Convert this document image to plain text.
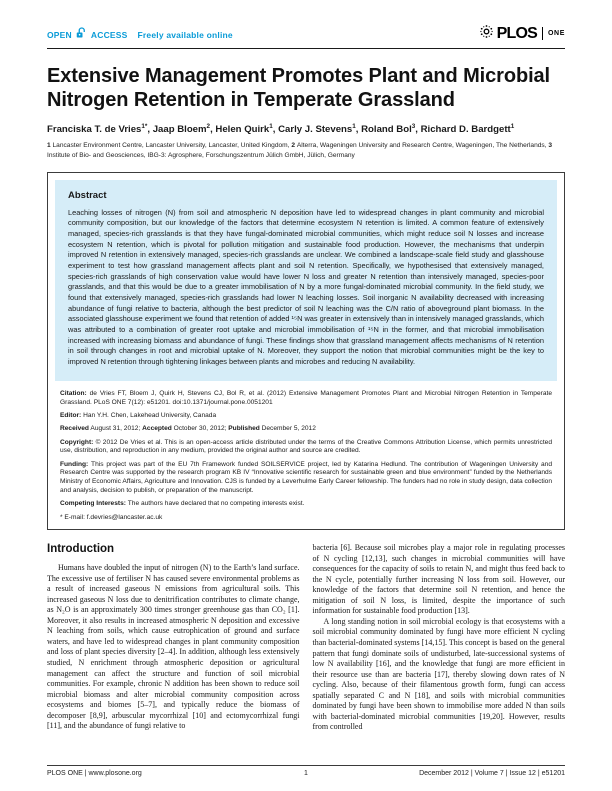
OPEN ACCESS Freely available online	PLOS ONE
Extensive Management Promotes Plant and Microbial Nitrogen Retention in Temperate Grassland
Franciska T. de Vries$^{1*}$, Jaap Bloem$^2$, Helen Quirk$^1$, Carly J. Stevens$^1$, Roland Bol$^3$, Richard D. Bardgett$^1$
1 Lancaster Environment Centre, Lancaster University, Lancaster, United Kingdom, 2 Alterra, Wageningen University and Research Centre, Wageningen, The Netherlands, 3 Institute of Bio- and Geosciences, IBG-3: Agrosphere, Forschungszentrum Jülich GmbH, Jülich, Germany
Abstract

Leaching losses of nitrogen (N) from soil and atmospheric N deposition have led to widespread changes in plant community and microbial community composition, but our knowledge of the factors that determine ecosystem N retention is limited. A common feature of extensively managed, species-rich grasslands is that they have fungal-dominated microbial communities, which might reduce soil N losses and increase ecosystem N retention, which is pivotal for pollution mitigation and sustainable food production. However, the mechanisms that underpin improved N retention in extensively managed, species-rich grasslands are unclear. We combined a landscape-scale field study and glasshouse experiment to test how grassland management affects plant and soil N retention. Specifically, we hypothesised that extensively managed, species-rich grasslands of high conservation value would have lower N loss and greater N retention than intensively managed, species-poor grasslands, and that this would be due to a greater immobilisation of N by a more fungal-dominated microbial community. In the field study, we found that extensively managed, species-rich grasslands had lower N leaching losses. Soil inorganic N availability decreased with increasing abundance of fungi relative to bacteria, although the best predictor of soil N leaching was the C/N ratio of aboveground plant biomass. In the associated glasshouse experiment we found that retention of added ¹⁵N was greater in extensively than in intensively managed grasslands, which was attributed to a combination of greater root uptake and microbial immobilisation of ¹⁵N in the former, and that microbial immobilisation increased with increasing biomass and abundance of fungi. These findings show that grassland management affects mechanisms of N retention in soil through changes in root and microbial uptake of N. Moreover, they support the notion that microbial communities might be the key to improved N retention through tightening linkages between plants and microbes and reducing N availability.

Citation: de Vries FT, Bloem J, Quirk H, Stevens CJ, Bol R, et al. (2012) Extensive Management Promotes Plant and Microbial Nitrogen Retention in Temperate Grassland. PLoS ONE 7(12): e51201. doi:10.1371/journal.pone.0051201

Editor: Han Y.H. Chen, Lakehead University, Canada

Received August 31, 2012; Accepted October 30, 2012; Published December 5, 2012

Copyright: © 2012 De Vries et al. This is an open-access article distributed under the terms of the Creative Commons Attribution License, which permits unrestricted use, distribution, and reproduction in any medium, provided the original author and source are credited.

Funding: This project was part of the EU 7th Framework funded SOILSERVICE project, led by Katarina Hedlund. The contribution of Wageningen University and Research Centre was supported by the research program KB IV “Innovative scientific research for sustainable green and blue environment” funded by the Netherlands Ministry of Economic Affairs, Agriculture and Innovation. CJS is funded by a Leverhulme Early Career fellowship. The funders had no role in study design, data collection and analysis, decision to publish, or preparation of the manuscript.

Competing Interests: The authors have declared that no competing interests exist.

* E-mail: f.devries@lancaster.ac.uk

Introduction

Humans have doubled the input of nitrogen (N) to the Earth’s land surface. The excessive use of fertiliser N has caused severe environmental problems as a result of increased gaseous N emissions from agricultural soils. This increased gaseous N loss due to denitrification contributes to climate change, as N₂O is an approximately 300 times stronger greenhouse gas than CO₂ [1]. Moreover, it also results in increased atmospheric N deposition and excessive N leaching from soils, which cause eutrophication of ground and surface waters, and have led to widespread changes in plant community composition and loss of plant species diversity [2–4]. In addition, although less extensively studied, N enrichment through atmospheric deposition or agricultural management can affect the structure and function of soil microbial communities. For example, chronic N addition has been shown to reduce soil microbial biomass and alter microbial community composition across ecosystems and biomes [5–7], and typically reduce the biomass of decomposer [8,9], arbuscular mycorrhizal [10] and ectomycorrhizal fungi [11], and the abundance of fungi relative to

bacteria [6]. Because soil microbes play a major role in regulating processes of N cycling [12,13], such changes in microbial communities will have consequences for the capacity of soils to retain N, and might thus feed back to the N cycle, potentially further increasing N loss from soil. However, our knowledge of the factors that determine soil N retention, and hence the mitigation of soil N loss, is limited, despite the importance of such information for sustainable food production [13].

A long standing notion in soil microbial ecology is that ecosystems with a soil microbial community dominated by fungi have more efficient N cycling than bacterial-dominated systems [14,15]. This concept is based on the general pattern that fungi dominate soils of undisturbed, late-successional systems of low N availability [16], and the knowledge that fungi are more efficient in their resource use than are bacteria [17], thereby slowing down rates of N cycling. Also, because of their filamentous growth form, fungi can access spatially separated C and N [18], and soils with microbial communities dominated by fungi have been shown to immobilise more added N than soils with bacterial-dominated microbial communities [19,20]. However, results from controlled

PLOS ONE | www.plosone.org	1	December 2012 | Volume 7 | Issue 12 | e51201
